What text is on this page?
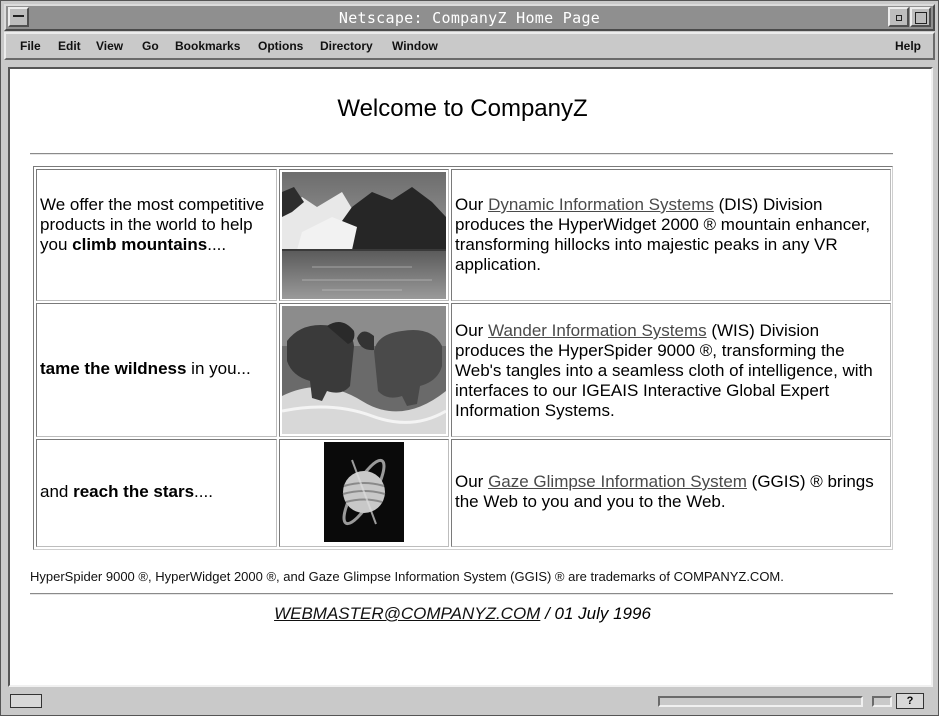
Netscape: CompanyZ Home Page
File Edit View Go Bookmarks Options Directory Window	Help
Welcome to CompanyZ
We offer the most competitive products in the world to help you climb mountains....
Our Dynamic Information Systems (DIS) Division produces the HyperWidget 2000 ® mountain enhancer, transforming hillocks into majestic peaks in any VR application.
tame the wildness in you...
Our Wander Information Systems (WIS) Division produces the HyperSpider 9000 ®, transforming the Web's tangles into a seamless cloth of intelligence, with interfaces to our IGEAIS Interactive Global Expert Information Systems.
and reach the stars....
Our Gaze Glimpse Information System (GGIS) ® brings the Web to you and you to the Web.
HyperSpider 9000 ®, HyperWidget 2000 ®, and Gaze Glimpse Information System (GGIS) ® are trademarks of COMPANYZ.COM.
WEBMASTER@COMPANYZ.COM / 01 July 1996
?
